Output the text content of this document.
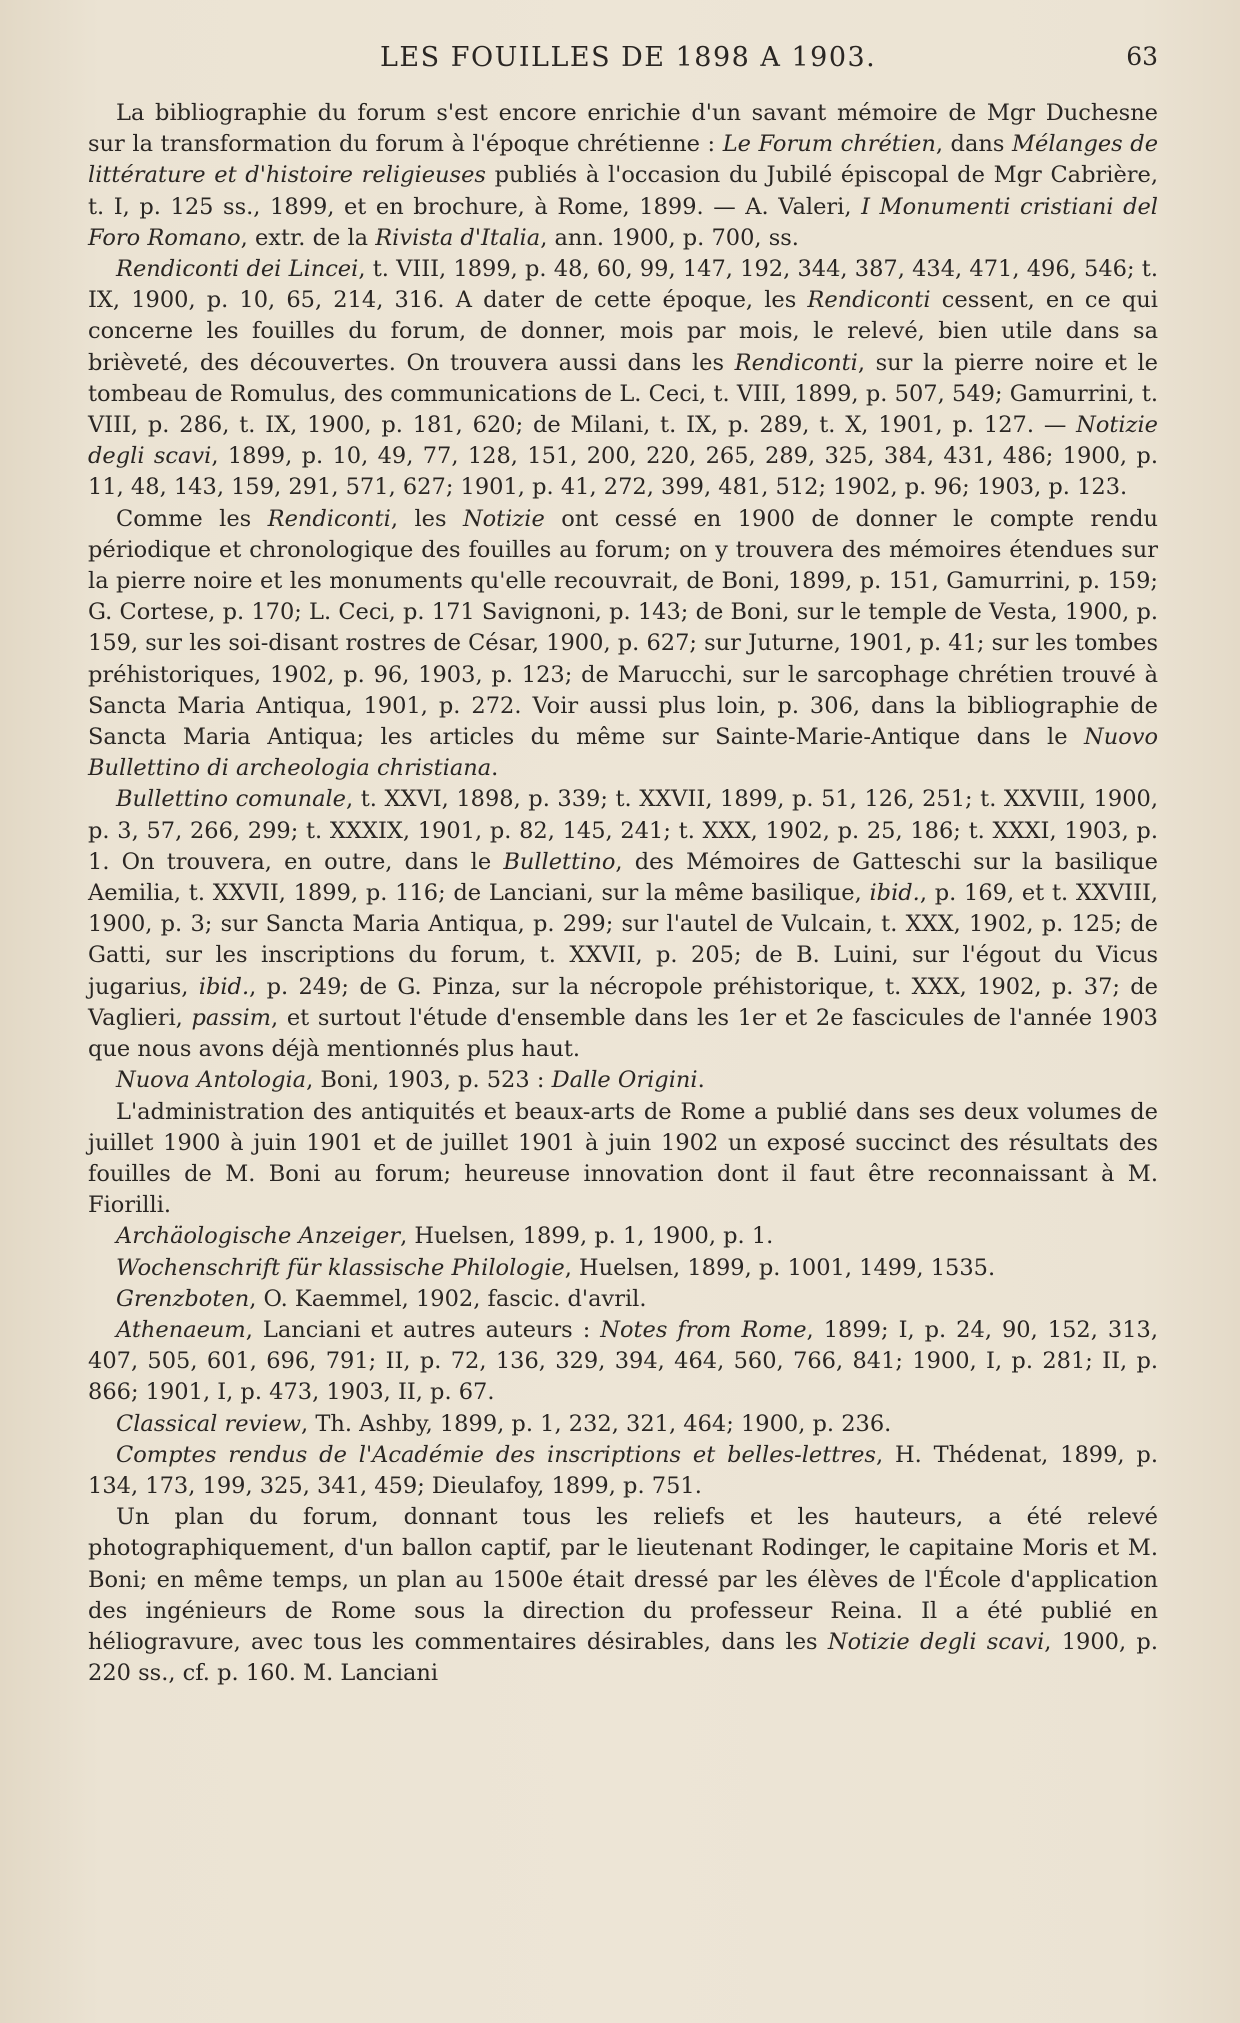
LES FOUILLES DE 1898 A 1903.	63

La bibliographie du forum s'est encore enrichie d'un savant mémoire de Mgr Duchesne sur la transformation du forum à l'époque chrétienne : Le Forum chrétien, dans Mélanges de littérature et d'histoire religieuses publiés à l'occasion du Jubilé épiscopal de Mgr Cabrière, t. I, p. 125 ss., 1899, et en brochure, à Rome, 1899. — A. Valeri, I Monumenti cristiani del Foro Romano, extr. de la Rivista d'Italia, ann. 1900, p. 700, ss.

Rendiconti dei Lincei, t. VIII, 1899, p. 48, 60, 99, 147, 192, 344, 387, 434, 471, 496, 546; t. IX, 1900, p. 10, 65, 214, 316. A dater de cette époque, les Rendiconti cessent, en ce qui concerne les fouilles du forum, de donner, mois par mois, le relevé, bien utile dans sa brièveté, des découvertes. On trouvera aussi dans les Rendiconti, sur la pierre noire et le tombeau de Romulus, des communications de L. Ceci, t. VIII, 1899, p. 507, 549; Gamurrini, t. VIII, p. 286, t. IX, 1900, p. 181, 620; de Milani, t. IX, p. 289, t. X, 1901, p. 127. — Notizie degli scavi, 1899, p. 10, 49, 77, 128, 151, 200, 220, 265, 289, 325, 384, 431, 486; 1900, p. 11, 48, 143, 159, 291, 571, 627; 1901, p. 41, 272, 399, 481, 512; 1902, p. 96; 1903, p. 123.

Comme les Rendiconti, les Notizie ont cessé en 1900 de donner le compte rendu périodique et chronologique des fouilles au forum; on y trouvera des mémoires étendues sur la pierre noire et les monuments qu'elle recouvrait, de Boni, 1899, p. 151, Gamurrini, p. 159; G. Cortese, p. 170; L. Ceci, p. 171 Savignoni, p. 143; de Boni, sur le temple de Vesta, 1900, p. 159, sur les soi-disant rostres de César, 1900, p. 627; sur Juturne, 1901, p. 41; sur les tombes préhistoriques, 1902, p. 96, 1903, p. 123; de Marucchi, sur le sarcophage chrétien trouvé à Sancta Maria Antiqua, 1901, p. 272. Voir aussi plus loin, p. 306, dans la bibliographie de Sancta Maria Antiqua; les articles du même sur Sainte-Marie-Antique dans le Nuovo Bullettino di archeologia christiana.

Bullettino comunale, t. XXVI, 1898, p. 339; t. XXVII, 1899, p. 51, 126, 251; t. XXVIII, 1900, p. 3, 57, 266, 299; t. XXXIX, 1901, p. 82, 145, 241; t. XXX, 1902, p. 25, 186; t. XXXI, 1903, p. 1. On trouvera, en outre, dans le Bullettino, des Mémoires de Gatteschi sur la basilique Aemilia, t. XXVII, 1899, p. 116; de Lanciani, sur la même basilique, ibid., p. 169, et t. XXVIII, 1900, p. 3; sur Sancta Maria Antiqua, p. 299; sur l'autel de Vulcain, t. XXX, 1902, p. 125; de Gatti, sur les inscriptions du forum, t. XXVII, p. 205; de B. Luini, sur l'égout du Vicus jugarius, ibid., p. 249; de G. Pinza, sur la nécropole préhistorique, t. XXX, 1902, p. 37; de Vaglieri, passim, et surtout l'étude d'ensemble dans les 1er et 2e fascicules de l'année 1903 que nous avons déjà mentionnés plus haut.

Nuova Antologia, Boni, 1903, p. 523 : Dalle Origini.

L'administration des antiquités et beaux-arts de Rome a publié dans ses deux volumes de juillet 1900 à juin 1901 et de juillet 1901 à juin 1902 un exposé succinct des résultats des fouilles de M. Boni au forum; heureuse innovation dont il faut être reconnaissant à M. Fiorilli.

Archäologische Anzeiger, Huelsen, 1899, p. 1, 1900, p. 1.

Wochenschrift für klassische Philologie, Huelsen, 1899, p. 1001, 1499, 1535.

Grenzboten, O. Kaemmel, 1902, fascic. d'avril.

Athenaeum, Lanciani et autres auteurs : Notes from Rome, 1899; I, p. 24, 90, 152, 313, 407, 505, 601, 696, 791; II, p. 72, 136, 329, 394, 464, 560, 766, 841; 1900, I, p. 281; II, p. 866; 1901, I, p. 473, 1903, II, p. 67.

Classical review, Th. Ashby, 1899, p. 1, 232, 321, 464; 1900, p. 236.

Comptes rendus de l'Académie des inscriptions et belles-lettres, H. Thédenat, 1899, p. 134, 173, 199, 325, 341, 459; Dieulafoy, 1899, p. 751.

Un plan du forum, donnant tous les reliefs et les hauteurs, a été relevé photographiquement, d'un ballon captif, par le lieutenant Rodinger, le capitaine Moris et M. Boni; en même temps, un plan au 1500e était dressé par les élèves de l'École d'application des ingénieurs de Rome sous la direction du professeur Reina. Il a été publié en héliogravure, avec tous les commentaires désirables, dans les Notizie degli scavi, 1900, p. 220 ss., cf. p. 160. M. Lanciani
